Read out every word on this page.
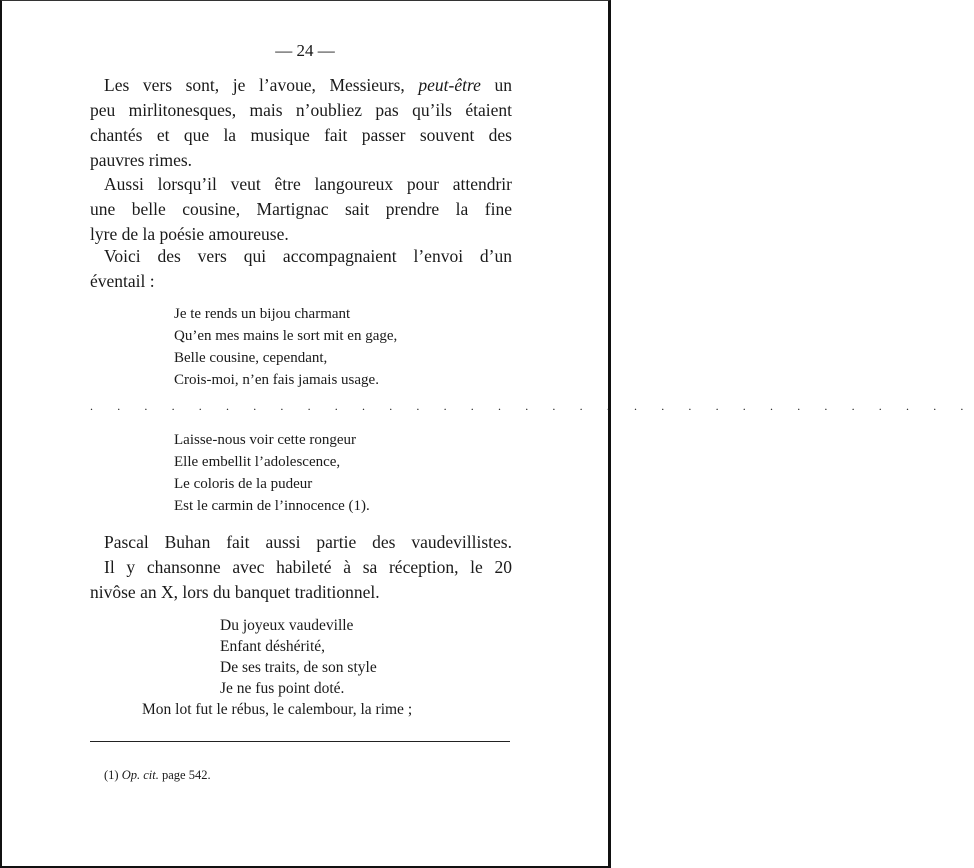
— 24 —
Les vers sont, je l’avoue, Messieurs, peut-être un
peu mirlitonesques, mais n’oubliez pas qu’ils étaient
chantés et que la musique fait passer souvent des
pauvres rimes.
Aussi lorsqu’il veut être langoureux pour attendrir
une belle cousine, Martignac sait prendre la fine
lyre de la poésie amoureuse.
Voici des vers qui accompagnaient l’envoi d’un
éventail :
Je te rends un bijou charmant
Qu’en mes mains le sort mit en gage,
Belle cousine, cependant,
Crois-moi, n’en fais jamais usage.
. . . . . . . . . . . . . . . . . . . . . . . . . . . . . . . . .
Laisse-nous voir cette rongeur
Elle embellit l’adolescence,
Le coloris de la pudeur
Est le carmin de l’innocence (1).
Pascal Buhan fait aussi partie des vaudevillistes.
Il y chansonne avec habileté à sa réception, le 20
nivôse an X, lors du banquet traditionnel.
Du joyeux vaudeville
Enfant déshérité,
De ses traits, de son style
Je ne fus point doté.
Mon lot fut le rébus, le calembour, la rime ;
(1) Op. cit. page 542.
